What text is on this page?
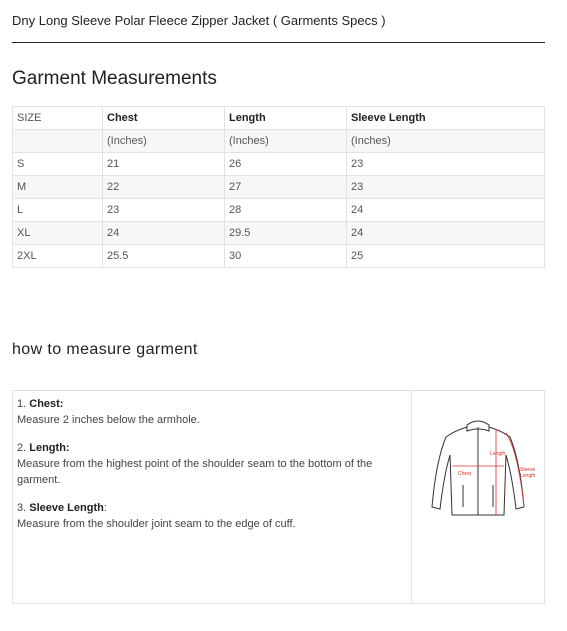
Dny Long Sleeve Polar Fleece Zipper Jacket ( Garments Specs )
Garment Measurements
SIZE	Chest	Length	Sleeve Length
	(Inches)	(Inches)	(Inches)
S	21	26	23
M	22	27	23
L	23	28	24
XL	24	29.5	24
2XL	25.5	30	25
how to measure garment

1. Chest:
Measure 2 inches below the armhole.

2. Length:
Measure from the highest point of the shoulder seam to the bottom of the garment.

3. Sleeve Length:
Measure from the shoulder joint seam to the edge of cuff.

Chest
Length
Sleeve
Length
